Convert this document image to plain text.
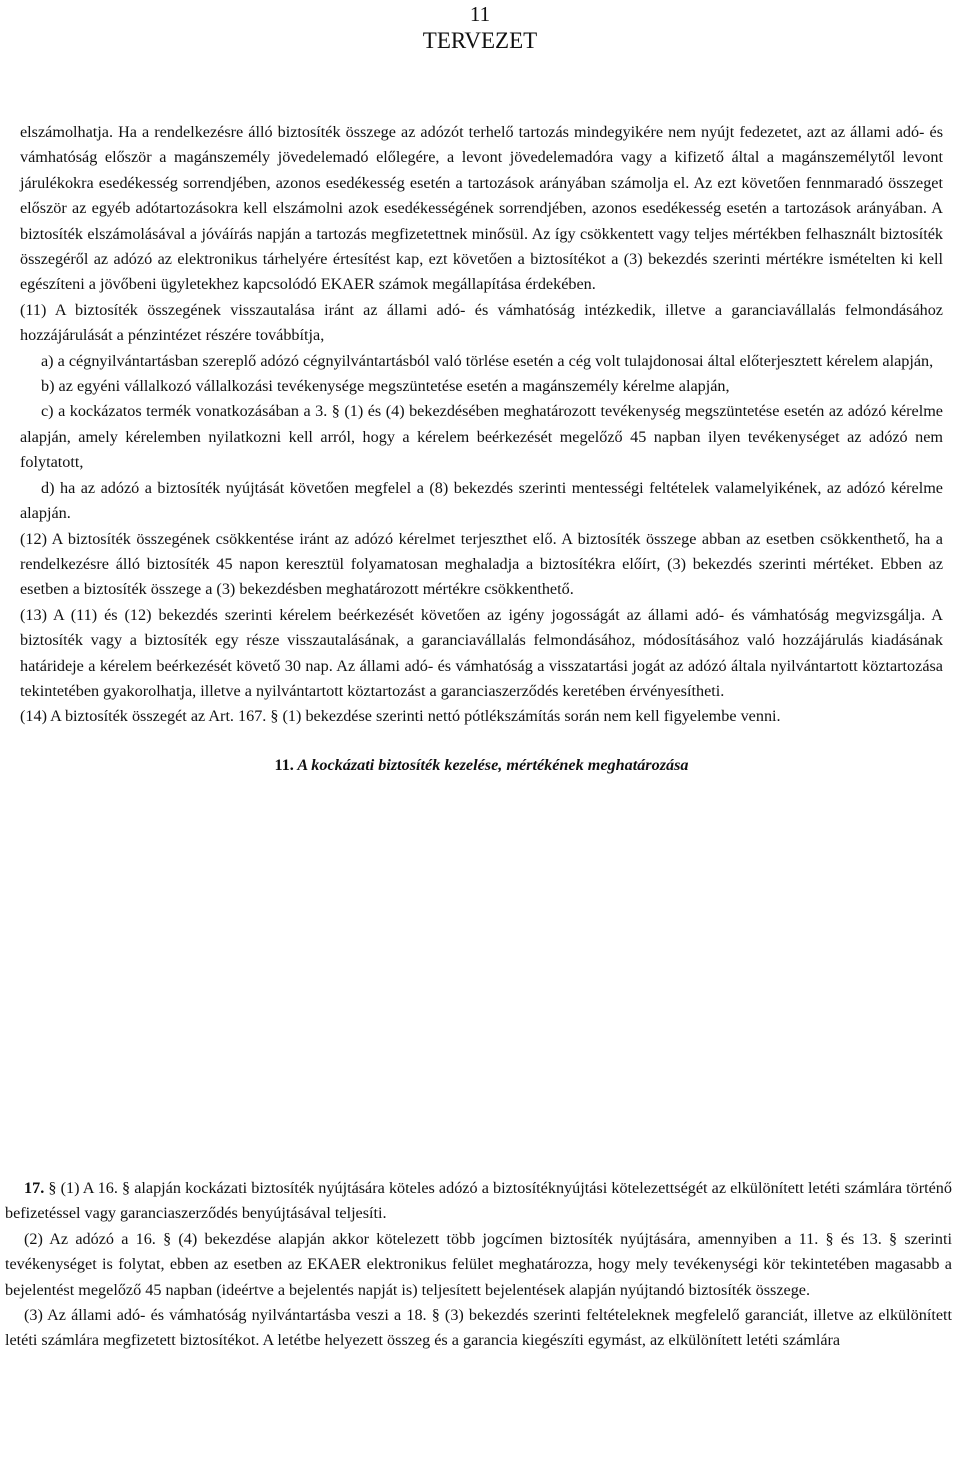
11
TERVEZET

elszámolhatja. Ha a rendelkezésre álló biztosíték összege az adózót terhelő tartozás mindegyikére nem nyújt fedezetet, azt az állami adó- és vámhatóság először a magánszemély jövedelemadó előlegére, a levont jövedelemadóra vagy a kifizető által a magánszemélytől levont járulékokra esedékesség sorrendjében, azonos esedékesség esetén a tartozások arányában számolja el. Az ezt követően fennmaradó összeget először az egyéb adótartozásokra kell elszámolni azok esedékességének sorrendjében, azonos esedékesség esetén a tartozások arányában. A biztosíték elszámolásával a jóváírás napján a tartozás megfizetettnek minősül. Az így csökkentett vagy teljes mértékben felhasznált biztosíték összegéről az adózó az elektronikus tárhelyére értesítést kap, ezt követően a biztosítékot a (3) bekezdés szerinti mértékre ismételten ki kell egészíteni a jövőbeni ügyletekhez kapcsolódó EKAER számok megállapítása érdekében.

(11) A biztosíték összegének visszautalása iránt az állami adó- és vámhatóság intézkedik, illetve a garanciavállalás felmondásához hozzájárulását a pénzintézet részére továbbítja,

a) a cégnyilvántartásban szereplő adózó cégnyilvántartásból való törlése esetén a cég volt tulajdonosai által előterjesztett kérelem alapján,

b) az egyéni vállalkozó vállalkozási tevékenysége megszüntetése esetén a magánszemély kérelme alapján,

c) a kockázatos termék vonatkozásában a 3. § (1) és (4) bekezdésében meghatározott tevékenység megszüntetése esetén az adózó kérelme alapján, amely kérelemben nyilatkozni kell arról, hogy a kérelem beérkezését megelőző 45 napban ilyen tevékenységet az adózó nem folytatott,

d) ha az adózó a biztosíték nyújtását követően megfelel a (8) bekezdés szerinti mentességi feltételek valamelyikének, az adózó kérelme alapján.

(12) A biztosíték összegének csökkentése iránt az adózó kérelmet terjeszthet elő. A biztosíték összege abban az esetben csökkenthető, ha a rendelkezésre álló biztosíték 45 napon keresztül folyamatosan meghaladja a biztosítékra előírt, (3) bekezdés szerinti mértéket. Ebben az esetben a biztosíték összege a (3) bekezdésben meghatározott mértékre csökkenthető.

(13) A (11) és (12) bekezdés szerinti kérelem beérkezését követően az igény jogosságát az állami adó- és vámhatóság megvizsgálja. A biztosíték vagy a biztosíték egy része visszautalásának, a garanciavállalás felmondásához, módosításához való hozzájárulás kiadásának határideje a kérelem beérkezését követő 30 nap. Az állami adó- és vámhatóság a visszatartási jogát az adózó általa nyilvántartott köztartozása tekintetében gyakorolhatja, illetve a nyilvántartott köztartozást a garanciaszerződés keretében érvényesítheti.

(14) A biztosíték összegét az Art. 167. § (1) bekezdése szerinti nettó pótlékszámítás során nem kell figyelembe venni.

11. A kockázati biztosíték kezelése, mértékének meghatározása

17. § (1) A 16. § alapján kockázati biztosíték nyújtására köteles adózó a biztosítéknyújtási kötelezettségét az elkülönített letéti számlára történő befizetéssel vagy garanciaszerződés benyújtásával teljesíti.

(2) Az adózó a 16. § (4) bekezdése alapján akkor kötelezett több jogcímen biztosíték nyújtására, amennyiben a 11. § és 13. § szerinti tevékenységet is folytat, ebben az esetben az EKAER elektronikus felület meghatározza, hogy mely tevékenységi kör tekintetében magasabb a bejelentést megelőző 45 napban (ideértve a bejelentés napját is) teljesített bejelentések alapján nyújtandó biztosíték összege.

(3) Az állami adó- és vámhatóság nyilvántartásba veszi a 18. § (3) bekezdés szerinti feltételeknek megfelelő garanciát, illetve az elkülönített letéti számlára megfizetett biztosítékot. A letétbe helyezett összeg és a garancia kiegészíti egymást, az elkülönített letéti számlára
